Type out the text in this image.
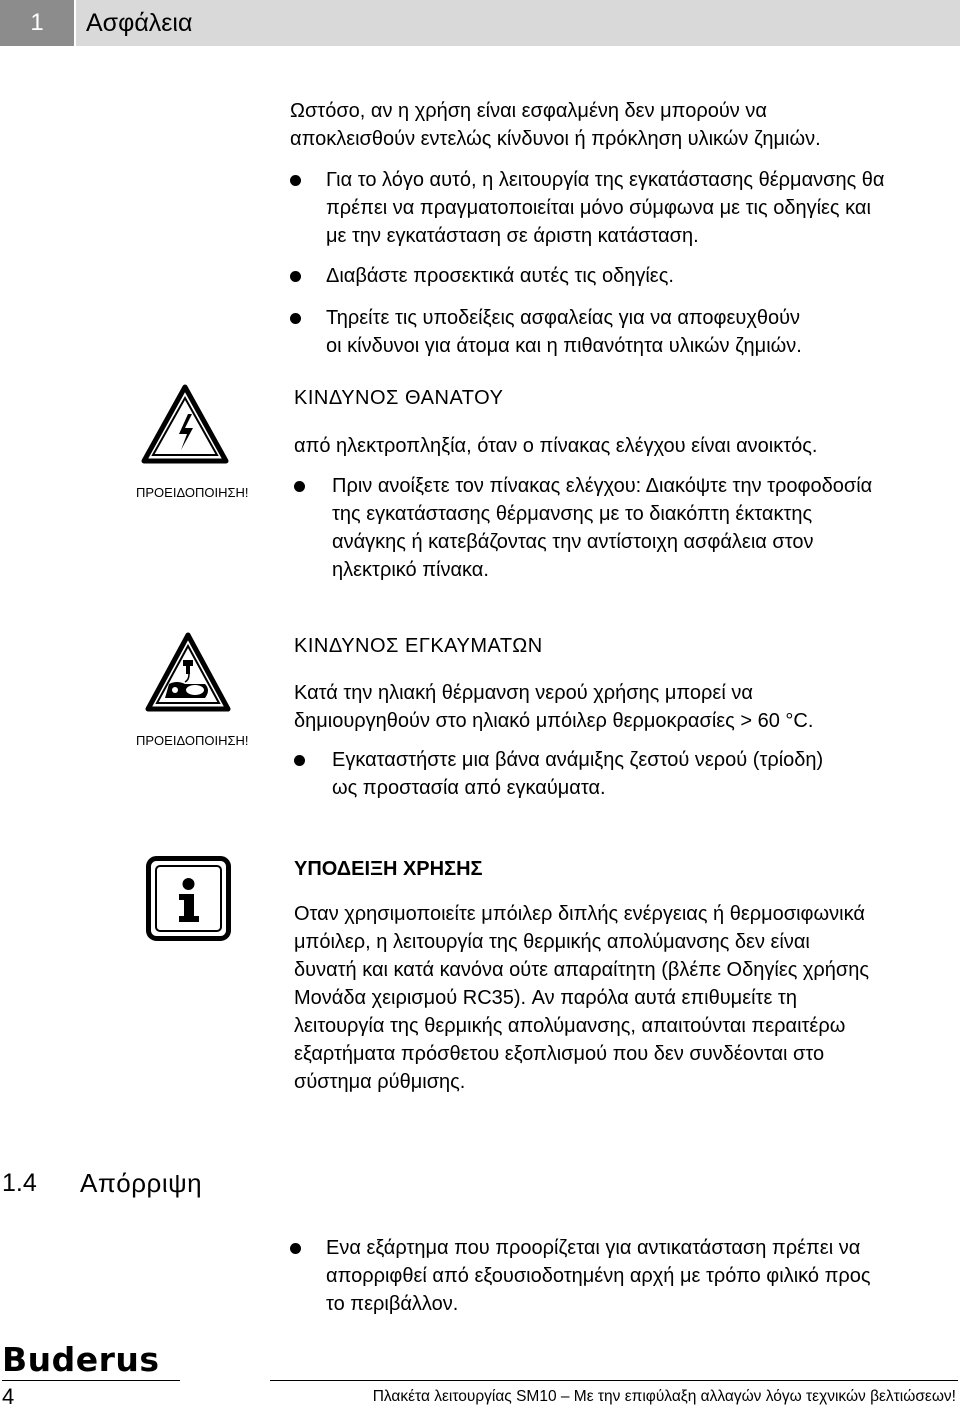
1	Ασφάλεια

Ωστόσο, αν η χρήση είναι εσφαλμένη δεν μπορούν να

αποκλεισθούν εντελώς κίνδυνοι ή πρόκληση υλικών ζημιών.

Για το λόγο αυτό, η λειτουργία της εγκατάστασης θέρμανσης θα

πρέπει να πραγματοποιείται μόνο σύμφωνα με τις οδηγίες και

με την εγκατάσταση σε άριστη κατάσταση.

Διαβάστε προσεκτικά αυτές τις οδηγίες.

Τηρείτε τις υποδείξεις ασφαλείας για να αποφευχθούν

οι κίνδυνοι για άτομα και η πιθανότητα υλικών ζημιών.

ΠΡΟΕΙΔΟΠΟΙΗΣΗ!
ΚΙΝΔΥΝΟΣ ΘΑΝΑΤΟΥ
από ηλεκτροπληξία, όταν ο πίνακας ελέγχου είναι ανοικτός.

Πριν ανοίξετε τον πίνακας ελέγχου: Διακόψτε την τροφοδοσία

της εγκατάστασης θέρμανσης με το διακόπτη έκτακτης

ανάγκης ή κατεβάζοντας την αντίστοιχη ασφάλεια στον

ηλεκτρικό πίνακα.

ΠΡΟΕΙΔΟΠΟΙΗΣΗ!
ΚΙΝΔΥΝΟΣ ΕΓΚΑΥΜΑΤΩΝ

Κατά την ηλιακή θέρμανση νερού χρήσης μπορεί να

δημιουργηθούν στο ηλιακό μπόιλερ θερμοκρασίες > 60 °C.

Εγκαταστήστε μια βάνα ανάμιξης ζεστού νερού (τρίοδη)

ως προστασία από εγκαύματα.

ΥΠΟΔΕΙΞΗ ΧΡΗΣΗΣ

Οταν χρησιμοποιείτε μπόιλερ διπλής ενέργειας ή θερμοσιφωνικά

μπόιλερ, η λειτουργία της θερμικής απολύμανσης δεν είναι

δυνατή και κατά κανόνα ούτε απαραίτητη (βλέπε Οδηγίες χρήσης

Μονάδα χειρισμού RC35). Αν παρόλα αυτά επιθυμείτε τη

λειτουργία της θερμικής απολύμανσης, απαιτούνται περαιτέρω

εξαρτήματα πρόσθετου εξοπλισμού που δεν συνδέονται στο

σύστημα ρύθμισης.

1.4 Απόρριψη

Ενα εξάρτημα που προορίζεται για αντικατάσταση πρέπει να

απορριφθεί από εξουσιοδοτημένη αρχή με τρόπο φιλικό προς

το περιβάλλον.

Buderus
4	Πλακέτα λειτουργίας SM10 – Με την επιφύλαξη αλλαγών λόγω τεχνικών βελτιώσεων!
